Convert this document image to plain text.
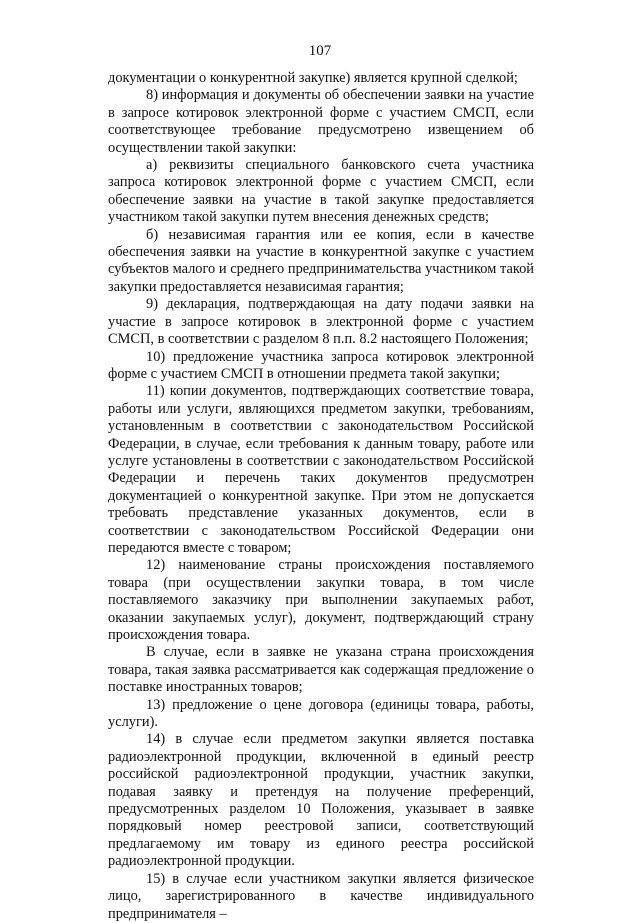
107

документации о конкурентной закупке) является крупной сделкой;

8) информация и документы об обеспечении заявки на участие в запросе котировок электронной форме с участием СМСП, если соответствующее требование предусмотрено извещением об осуществлении такой закупки:

а) реквизиты специального банковского счета участника запроса котировок электронной форме с участием СМСП, если обеспечение заявки на участие в такой закупке предоставляется участником такой закупки путем внесения денежных средств;

б) независимая гарантия или ее копия, если в качестве обеспечения заявки на участие в конкурентной закупке с участием субъектов малого и среднего предпринимательства участником такой закупки предоставляется независимая гарантия;

9) декларация, подтверждающая на дату подачи заявки на участие в запросе котировок в электронной форме с участием СМСП, в соответствии с разделом 8 п.п. 8.2 настоящего Положения;

10) предложение участника запроса котировок электронной форме с участием СМСП в отношении предмета такой закупки;

11) копии документов, подтверждающих соответствие товара, работы или услуги, являющихся предметом закупки, требованиям, установленным в соответствии с законодательством Российской Федерации, в случае, если требования к данным товару, работе или услуге установлены в соответствии с законодательством Российской Федерации и перечень таких документов предусмотрен документацией о конкурентной закупке. При этом не допускается требовать представление указанных документов, если в соответствии с законодательством Российской Федерации они передаются вместе с товаром;

12) наименование страны происхождения поставляемого товара (при осуществлении закупки товара, в том числе поставляемого заказчику при выполнении закупаемых работ, оказании закупаемых услуг), документ, подтверждающий страну происхождения товара.

В случае, если в заявке не указана страна происхождения товара, такая заявка рассматривается как содержащая предложение о поставке иностранных товаров;

13) предложение о цене договора (единицы товара, работы, услуги).

14) в случае если предметом закупки является поставка радиоэлектронной продукции, включенной в единый реестр российской радиоэлектронной продукции, участник закупки, подавая заявку и претендуя на получение преференций, предусмотренных разделом 10 Положения, указывает в заявке порядковый номер реестровой записи, соответствующий предлагаемому им товару из единого реестра российской радиоэлектронной продукции.

15) в случае если участником закупки является физическое лицо, зарегистрированного в качестве индивидуального предпринимателя –
